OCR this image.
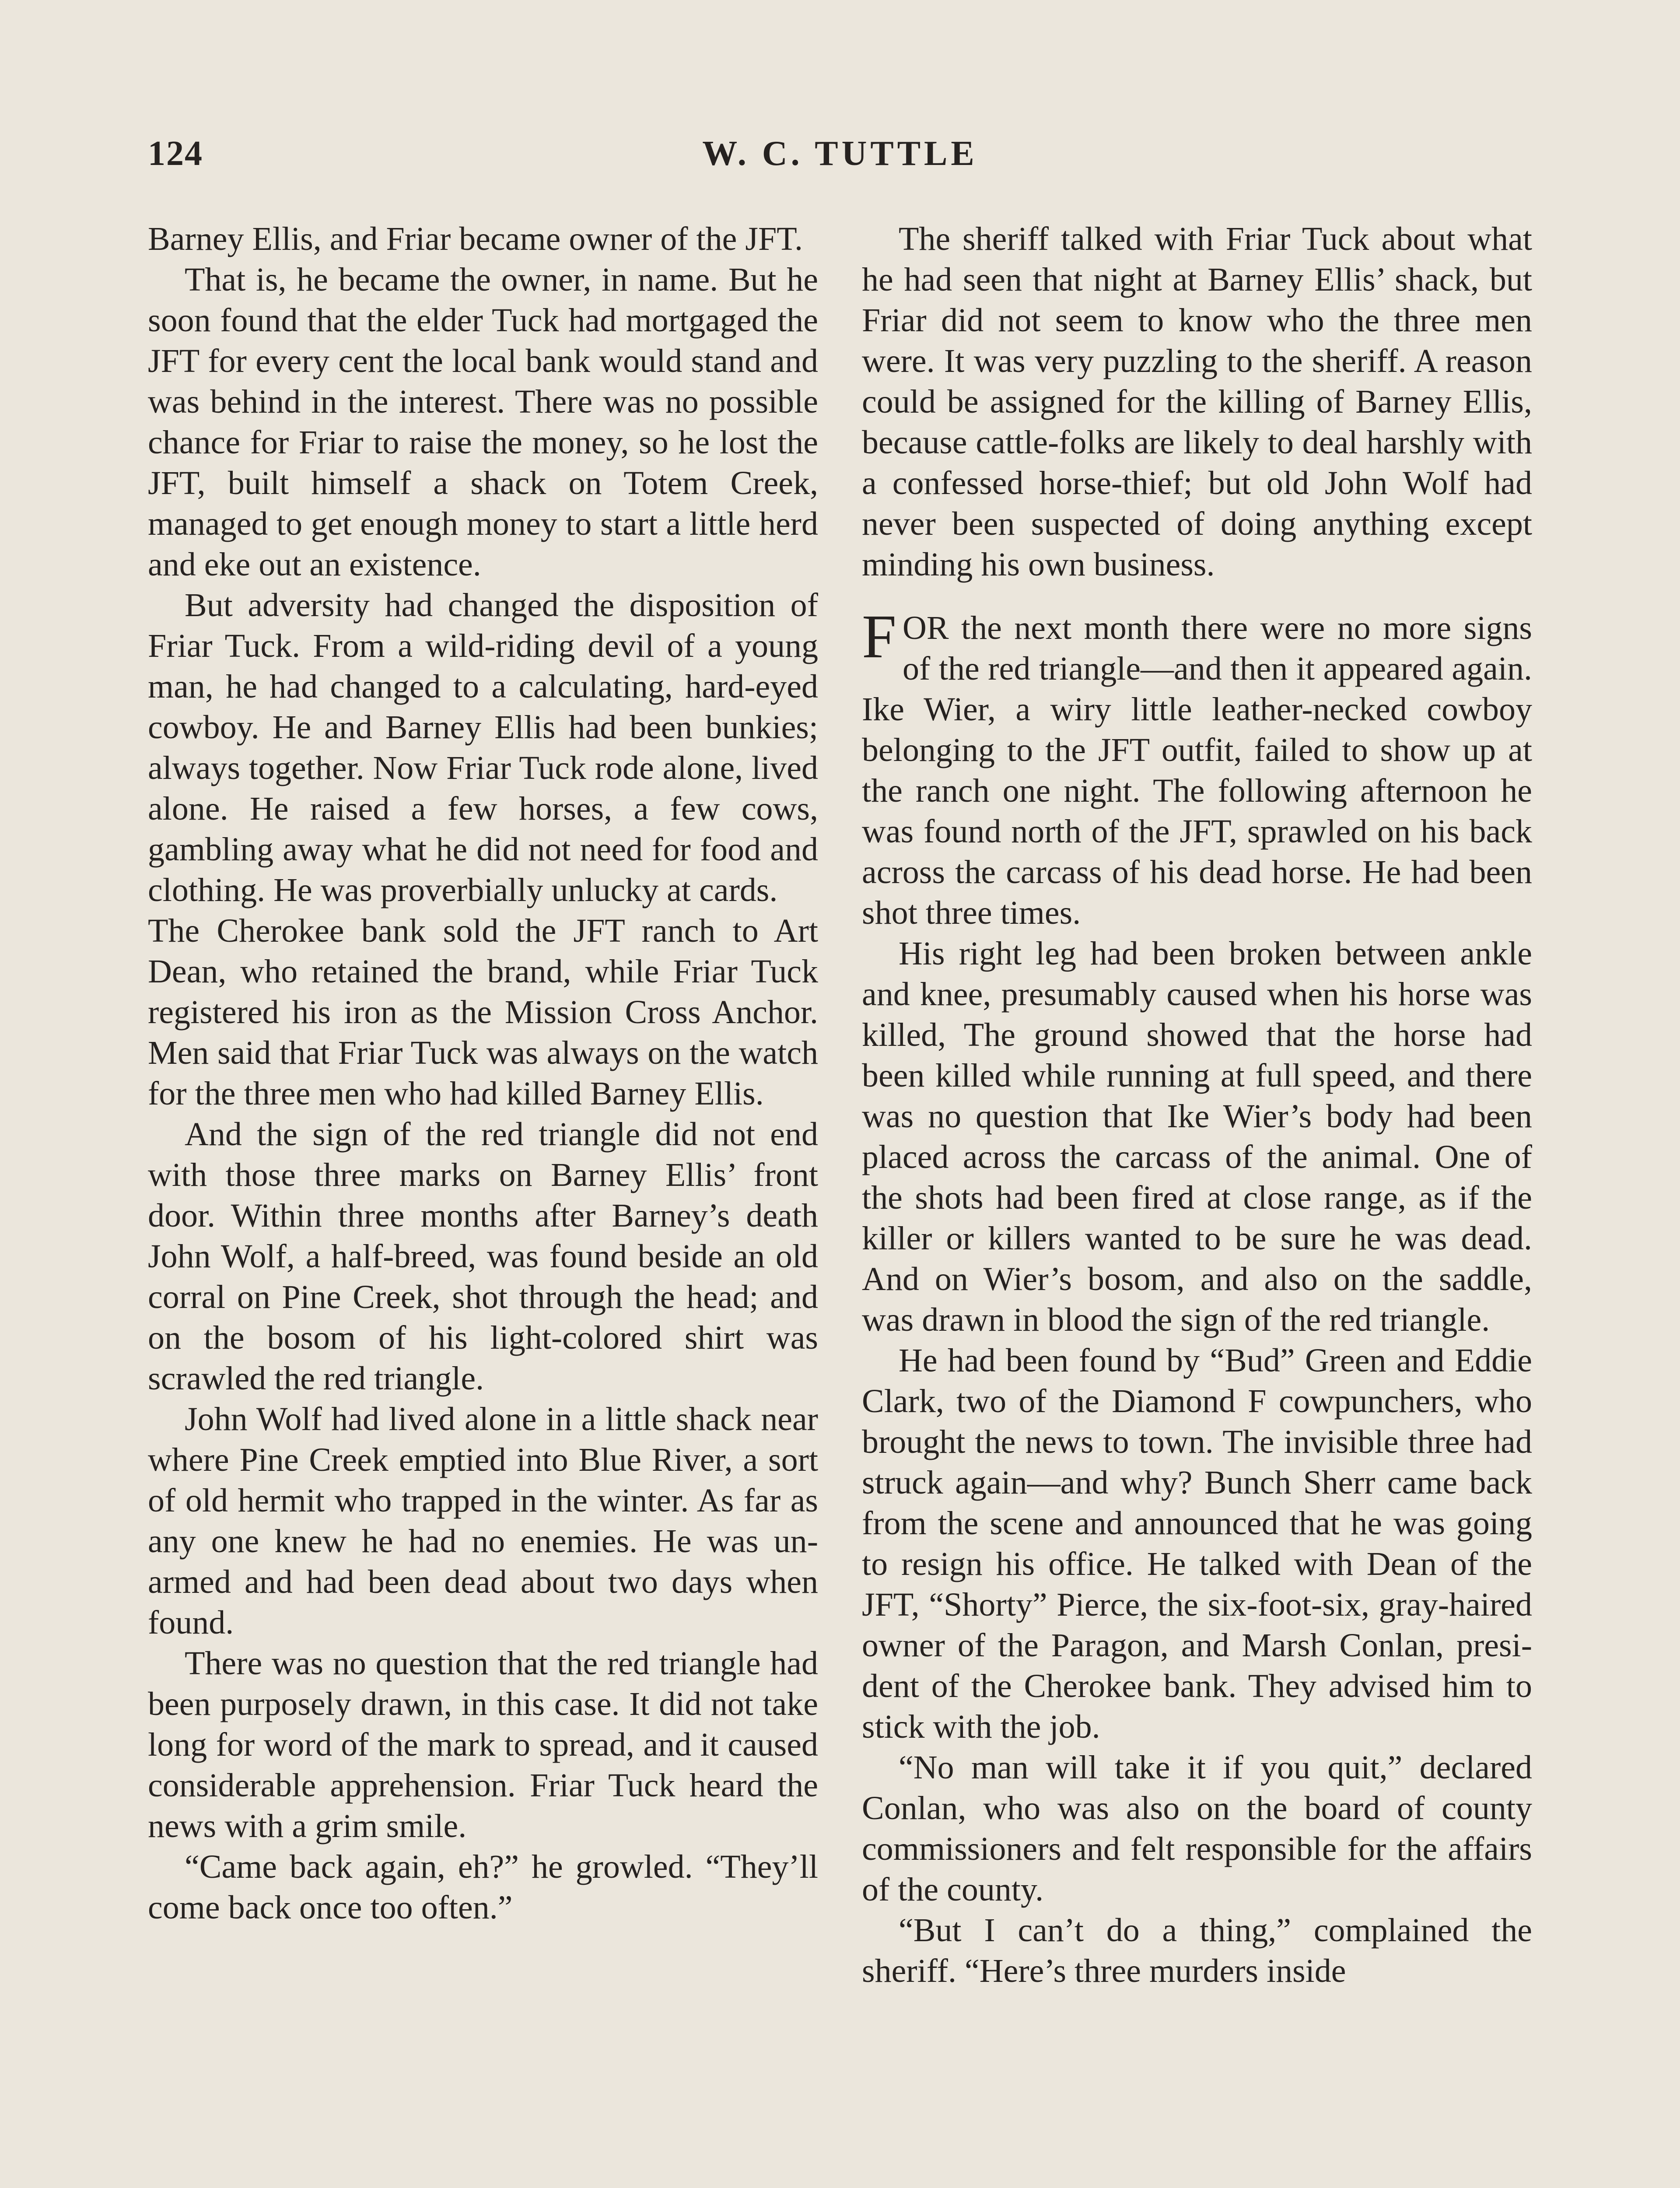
124	W. C. TUTTLE

Barney Ellis, and Friar became owner of the JFT.

That is, he became the owner, in name. But he soon found that the elder Tuck had mortgaged the JFT for every cent the local bank would stand and was behind in the interest. There was no possible chance for Friar to raise the money, so he lost the JFT, built himself a shack on Totem Creek, managed to get enough money to start a little herd and eke out an existence.

But adversity had changed the disposition of Friar Tuck. From a wild-riding devil of a young man, he had changed to a calculating, hard-eyed cowboy. He and Barney Ellis had been bunkies; always together. Now Friar Tuck rode alone, lived alone. He raised a few horses, a few cows, gambling away what he did not need for food and clothing. He was proverbially unlucky at cards.

The Cherokee bank sold the JFT ranch to Art Dean, who retained the brand, while Friar Tuck registered his iron as the Mission Cross Anchor. Men said that Friar Tuck was always on the watch for the three men who had killed Barney Ellis.

And the sign of the red triangle did not end with those three marks on Barney Ellis’ front door. Within three months after Barney’s death John Wolf, a half-breed, was found beside an old corral on Pine Creek, shot through the head; and on the bosom of his light-colored shirt was scrawled the red triangle.

John Wolf had lived alone in a little shack near where Pine Creek emptied into Blue River, a sort of old hermit who trapped in the winter. As far as any one knew he had no enemies. He was unarmed and had been dead about two days when found.

There was no question that the red triangle had been purposely drawn, in this case. It did not take long for word of the mark to spread, and it caused considerable apprehension. Friar Tuck heard the news with a grim smile.

“Came back again, eh?” he growled. “They’ll come back once too often.”

The sheriff talked with Friar Tuck about what he had seen that night at Barney Ellis’ shack, but Friar did not seem to know who the three men were. It was very puzzling to the sheriff. A reason could be assigned for the killing of Barney Ellis, because cattle-folks are likely to deal harshly with a confessed horse-thief; but old John Wolf had never been suspected of doing anything except minding his own business.

FOR the next month there were no more signs of the red triangle—and then it appeared again. Ike Wier, a wiry little leather-necked cowboy belonging to the JFT outfit, failed to show up at the ranch one night. The following afternoon he was found north of the JFT, sprawled on his back across the carcass of his dead horse. He had been shot three times.

His right leg had been broken between ankle and knee, presumably caused when his horse was killed, The ground showed that the horse had been killed while running at full speed, and there was no question that Ike Wier’s body had been placed across the carcass of the animal. One of the shots had been fired at close range, as if the killer or killers wanted to be sure he was dead. And on Wier’s bosom, and also on the saddle, was drawn in blood the sign of the red triangle.

He had been found by “Bud” Green and Eddie Clark, two of the Diamond F cowpunchers, who brought the news to town. The invisible three had struck again—and why? Bunch Sherr came back from the scene and announced that he was going to resign his office. He talked with Dean of the JFT, “Shorty” Pierce, the six-foot-six, gray-haired owner of the Paragon, and Marsh Conlan, president of the Cherokee bank. They advised him to stick with the job.

“No man will take it if you quit,” declared Conlan, who was also on the board of county commissioners and felt responsible for the affairs of the county.

“But I can’t do a thing,” complained the sheriff. “Here’s three murders inside
